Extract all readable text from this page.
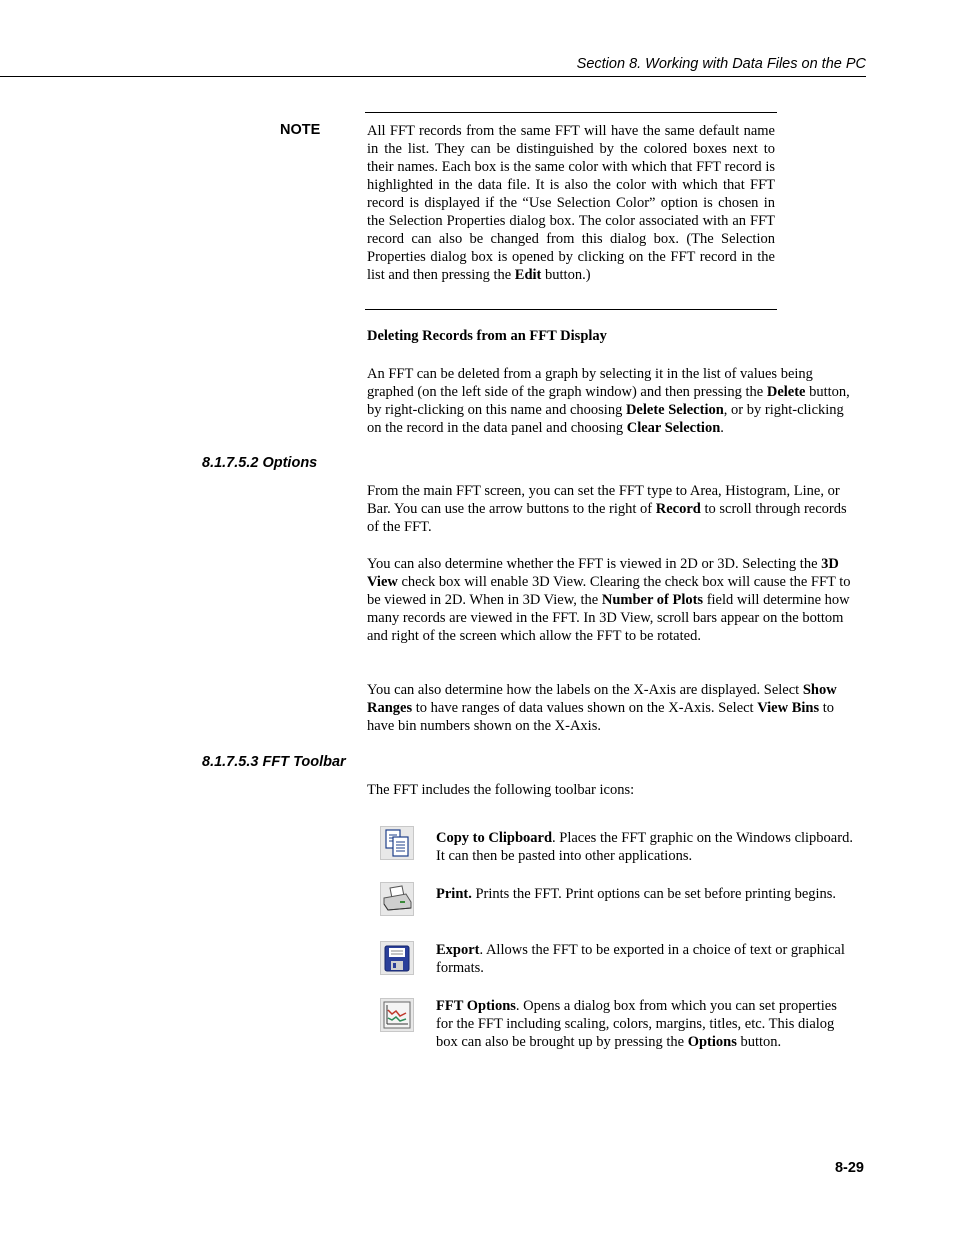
Section 8. Working with Data Files on the PC
NOTE	All FFT records from the same FFT will have the same default name in the list. They can be distinguished by the colored boxes next to their names. Each box is the same color with which that FFT record is highlighted in the data file. It is also the color with which that FFT record is displayed if the “Use Selection Color” option is chosen in the Selection Properties dialog box. The color associated with an FFT record can also be changed from this dialog box. (The Selection Properties dialog box is opened by clicking on the FFT record in the list and then pressing the Edit button.)

Deleting Records from an FFT Display

An FFT can be deleted from a graph by selecting it in the list of values being graphed (on the left side of the graph window) and then pressing the Delete button, by right-clicking on this name and choosing Delete Selection, or by right-clicking on the record in the data panel and choosing Clear Selection.

8.1.7.5.2 Options

From the main FFT screen, you can set the FFT type to Area, Histogram, Line, or Bar. You can use the arrow buttons to the right of Record to scroll through records of the FFT.

You can also determine whether the FFT is viewed in 2D or 3D. Selecting the 3D View check box will enable 3D View. Clearing the check box will cause the FFT to be viewed in 2D. When in 3D View, the Number of Plots field will determine how many records are viewed in the FFT. In 3D View, scroll bars appear on the bottom and right of the screen which allow the FFT to be rotated.

You can also determine how the labels on the X-Axis are displayed. Select Show Ranges to have ranges of data values shown on the X-Axis. Select View Bins to have bin numbers shown on the X-Axis.

8.1.7.5.3 FFT Toolbar

The FFT includes the following toolbar icons:

Copy to Clipboard. Places the FFT graphic on the Windows clipboard. It can then be pasted into other applications.

Print. Prints the FFT. Print options can be set before printing begins.

Export. Allows the FFT to be exported in a choice of text or graphical formats.

FFT Options. Opens a dialog box from which you can set properties for the FFT including scaling, colors, margins, titles, etc. This dialog box can also be brought up by pressing the Options button.

8-29
